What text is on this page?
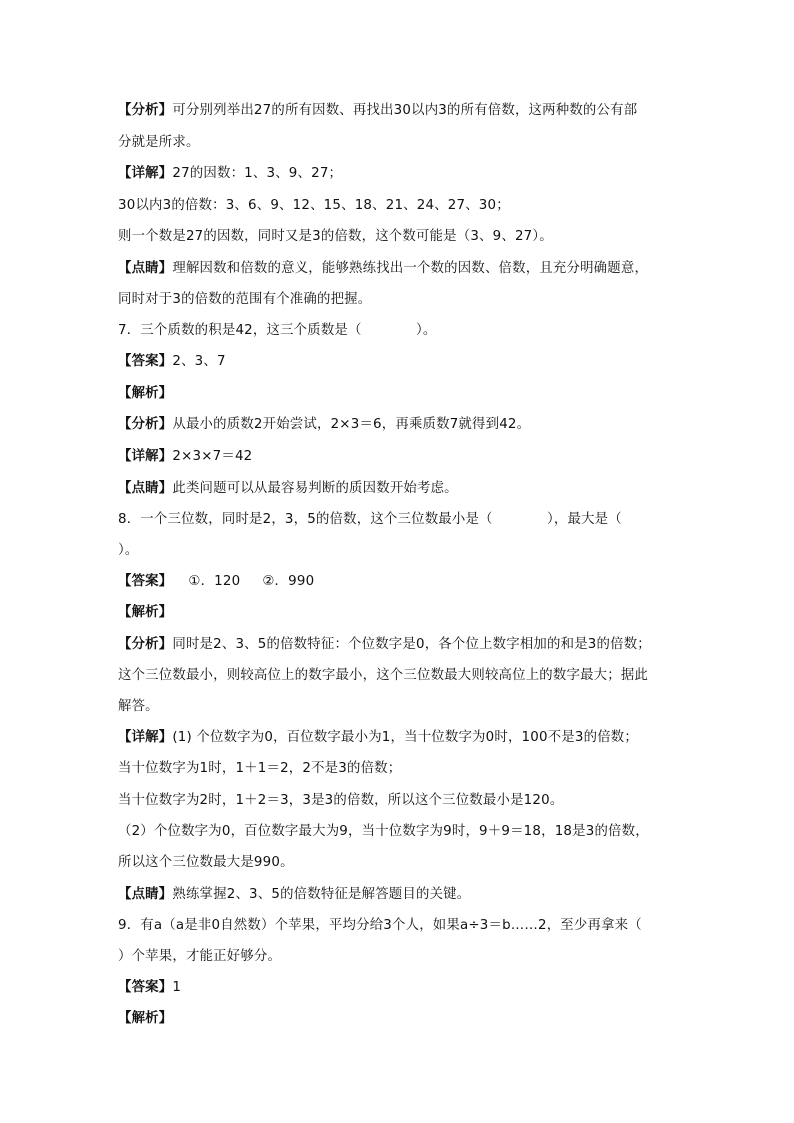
【分析】可分别列举出27的所有因数、再找出30以内3的所有倍数，这两种数的公有部
分就是所求。
【详解】27的因数：1、3、9、27；
30以内3的倍数：3、6、9、12、15、18、21、24、27、30；
则一个数是27的因数，同时又是3的倍数，这个数可能是（3、9、27）。
【点睛】理解因数和倍数的意义，能够熟练找出一个数的因数、倍数，且充分明确题意，
同时对于3的倍数的范围有个准确的把握。
7．三个质数的积是42，这三个质数是（　　　　）。
【答案】2、3、7
【解析】
【分析】从最小的质数2开始尝试，2×3＝6，再乘质数7就得到42。
【详解】2×3×7＝42
【点睛】此类问题可以从最容易判断的质因数开始考虑。
8．一个三位数，同时是2，3，5的倍数，这个三位数最小是（　　　　），最大是（
）。
【答案】 ①．120 ②．990
【解析】
【分析】同时是2、3、5的倍数特征：个位数字是0，各个位上数字相加的和是3的倍数；
这个三位数最小，则较高位上的数字最小，这个三位数最大则较高位上的数字最大；据此
解答。
【详解】(1) 个位数字为0，百位数字最小为1，当十位数字为0时，100不是3的倍数；
当十位数字为1时，1＋1＝2，2不是3的倍数；
当十位数字为2时，1＋2＝3，3是3的倍数，所以这个三位数最小是120。
（2）个位数字为0，百位数字最大为9，当十位数字为9时，9＋9＝18，18是3的倍数，
所以这个三位数最大是990。
【点睛】熟练掌握2、3、5的倍数特征是解答题目的关键。
9．有a（a是非0自然数）个苹果，平均分给3个人，如果a÷3＝b……2，至少再拿来（
）个苹果，才能正好够分。
【答案】1
【解析】
